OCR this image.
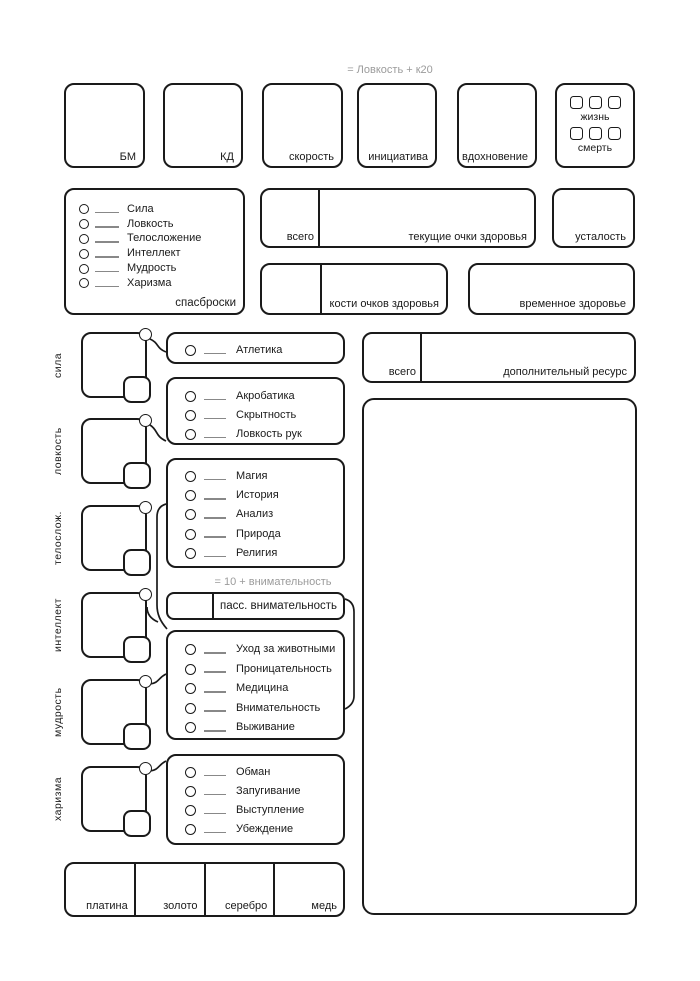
= Ловкость + к20
БМ	КД	скорость	инициатива	вдохновение
жизнь
смерть
Сила
Ловкость
Телосложение
Интеллект
Мудрость
Харизма
спасброски
всего	текущие очки здоровья	усталость
кости очков здоровья	временное здоровье
сила
ловкость
телослож.
интеллект
мудрость
харизма
Атлетика
Акробатика
Скрытность
Ловкость рук
Магия
История
Анализ
Природа
Религия
= 10 + внимательность
пасс. внимательность
Уход за животными
Проницательность
Медицина
Внимательность
Выживание
Обман
Запугивание
Выступление
Убеждение
всего	дополнительный ресурс
платина	золото серебро	медь
